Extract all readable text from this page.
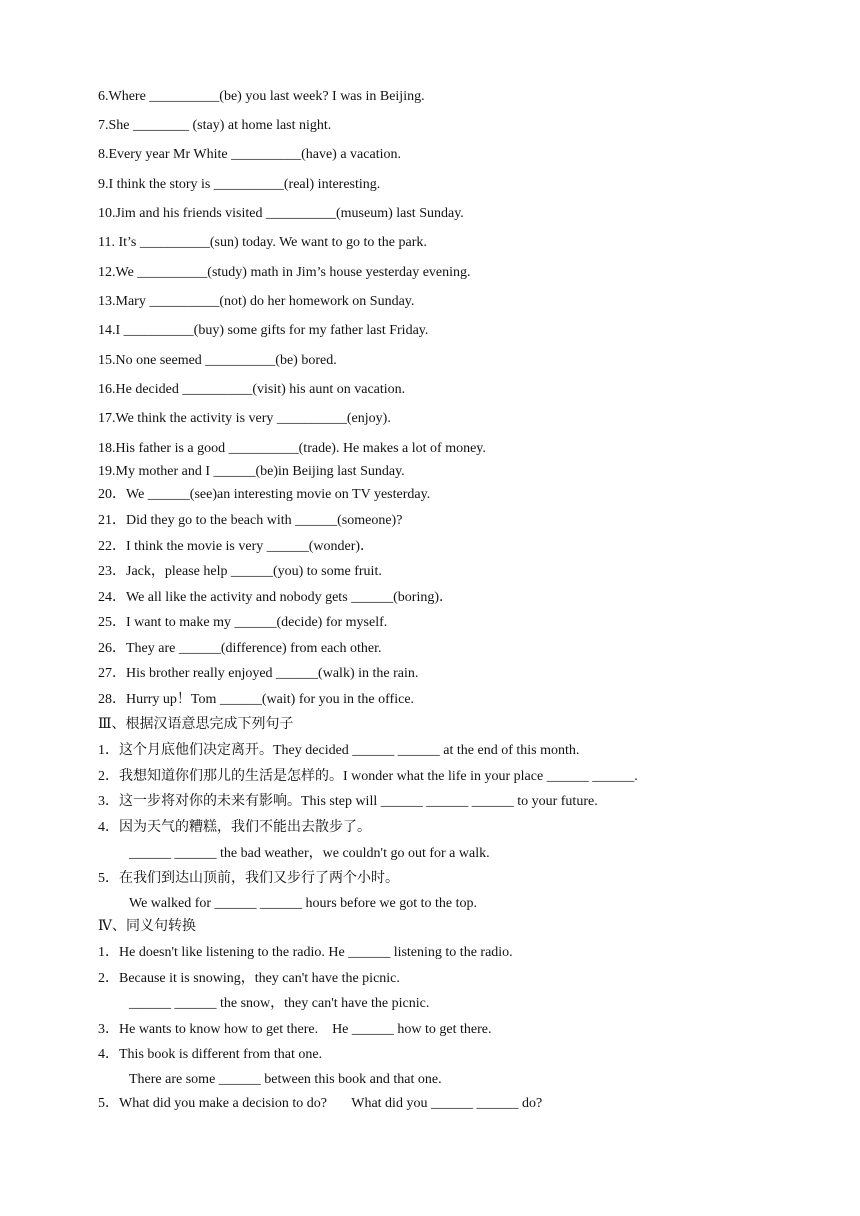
6.Where __________(be) you last week? I was in Beijing.
7.She ________ (stay) at home last night.
8.Every year Mr White __________(have) a vacation.
9.I think the story is __________(real) interesting.
10.Jim and his friends visited __________(museum) last Sunday.
11. It’s __________(sun) today. We want to go to the park.
12.We __________(study) math in Jim’s house yesterday evening.
13.Mary __________(not) do her homework on Sunday.
14.I __________(buy) some gifts for my father last Friday.
15.No one seemed __________(be) bored.
16.He decided __________(visit) his aunt on vacation.
17.We think the activity is very __________(enjoy).
18.His father is a good __________(trade). He makes a lot of money.
19.My mother and I ______(be)in Beijing last Sunday.
20．We ______(see)an interesting movie on TV yesterday.
21．Did they go to the beach with ______(someone)?
22．I think the movie is very ______(wonder)．
23．Jack，please help ______(you) to some fruit.
24．We all like the activity and nobody gets ______(boring)．
25．I want to make my ______(decide) for myself.
26．They are ______(difference) from each other.
27．His brother really enjoyed ______(walk) in the rain.
28．Hurry up！Tom ______(wait) for you in the office.
Ⅲ、根据汉语意思完成下列句子
1．这个月底他们决定离开。They decided ______ ______ at the end of this month.
2．我想知道你们那儿的生活是怎样的。I wonder what the life in your place ______ ______.
3．这一步将对你的未来有影响。This step will ______ ______ ______ to your future.
4．因为天气的糟糕，我们不能出去散步了。
______ ______ the bad weather，we couldn't go out for a walk.
5．在我们到达山顶前，我们又步行了两个小时。
We walked for ______ ______ hours before we got to the top.
Ⅳ、同义句转换
1．He doesn't like listening to the radio. He ______ listening to the radio.
2．Because it is snowing，they can't have the picnic.
______ ______ the snow，they can't have the picnic.
3．He wants to know how to get there.    He ______ how to get there.
4．This book is different from that one.
There are some ______ between this book and that one.
5．What did you make a decision to do?       What did you ______ ______ do?
